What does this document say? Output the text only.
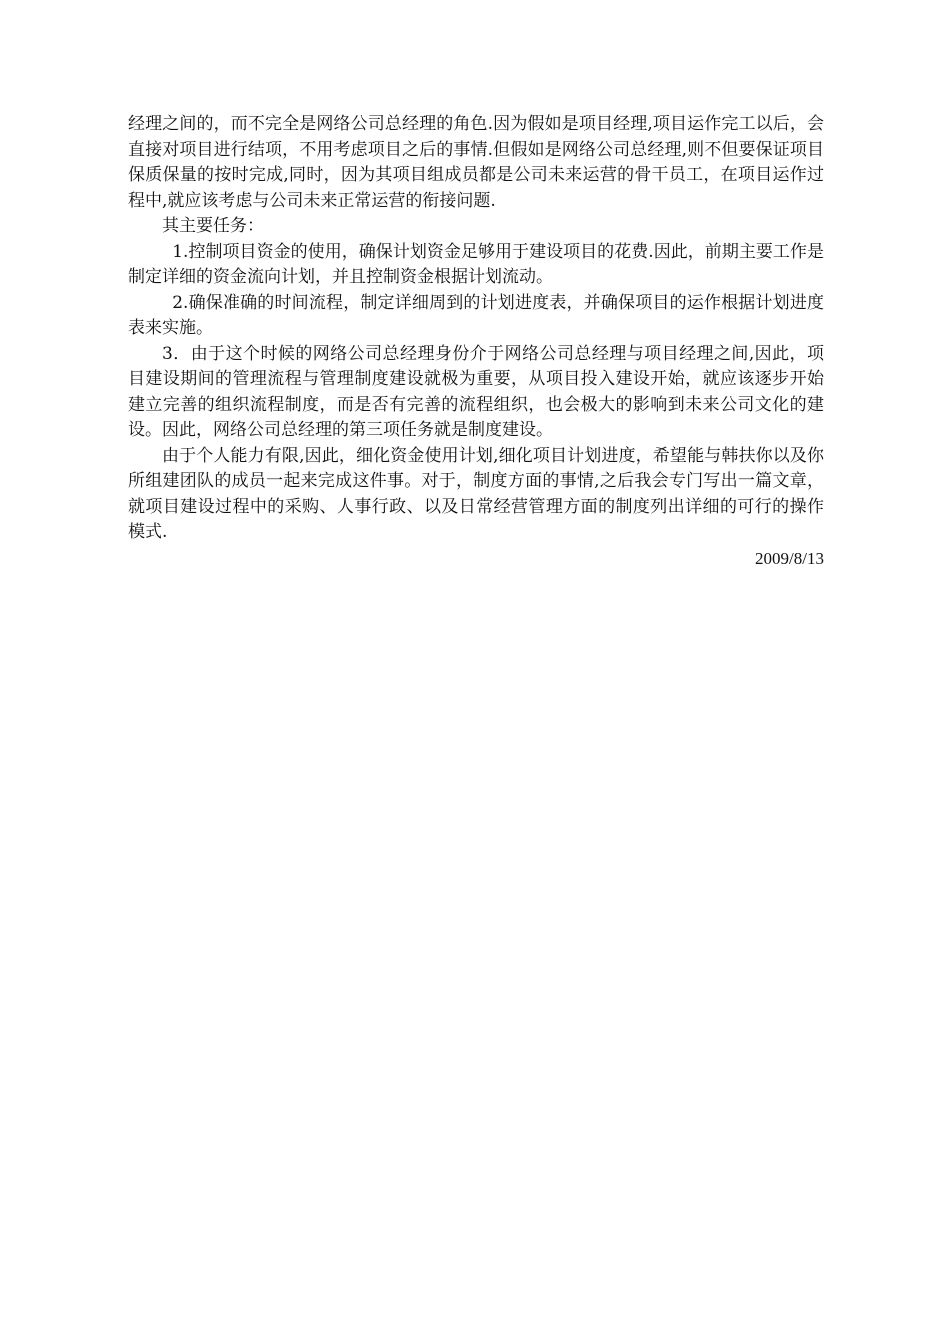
经理之间的，而不完全是网络公司总经理的角色.因为假如是项目经理,项目运作完工以后，会直接对项目进行结项，不用考虑项目之后的事情.但假如是网络公司总经理,则不但要保证项目保质保量的按时完成,同时，因为其项目组成员都是公司未来运营的骨干员工，在项目运作过程中,就应该考虑与公司未来正常运营的衔接问题.

其主要任务：

1.控制项目资金的使用，确保计划资金足够用于建设项目的花费.因此，前期主要工作是制定详细的资金流向计划，并且控制资金根据计划流动。

2.确保准确的时间流程，制定详细周到的计划进度表，并确保项目的运作根据计划进度表来实施。

3．由于这个时候的网络公司总经理身份介于网络公司总经理与项目经理之间,因此，项目建设期间的管理流程与管理制度建设就极为重要，从项目投入建设开始，就应该逐步开始建立完善的组织流程制度，而是否有完善的流程组织，也会极大的影响到未来公司文化的建设。因此，网络公司总经理的第三项任务就是制度建设。

由于个人能力有限,因此，细化资金使用计划,细化项目计划进度，希望能与韩扶你以及你所组建团队的成员一起来完成这件事。对于，制度方面的事情,之后我会专门写出一篇文章，就项目建设过程中的采购、人事行政、以及日常经营管理方面的制度列出详细的可行的操作模式.

2009/8/13
